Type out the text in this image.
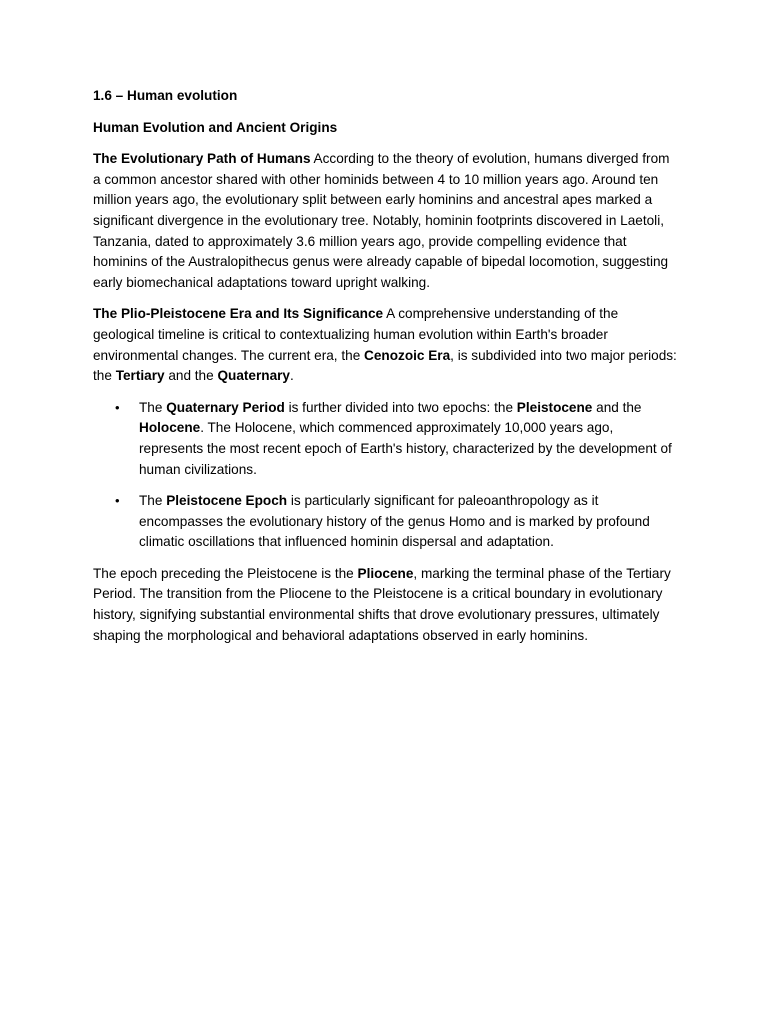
1.6 – Human evolution

Human Evolution and Ancient Origins

The Evolutionary Path of Humans According to the theory of evolution, humans diverged from a common ancestor shared with other hominids between 4 to 10 million years ago. Around ten million years ago, the evolutionary split between early hominins and ancestral apes marked a significant divergence in the evolutionary tree. Notably, hominin footprints discovered in Laetoli, Tanzania, dated to approximately 3.6 million years ago, provide compelling evidence that hominins of the Australopithecus genus were already capable of bipedal locomotion, suggesting early biomechanical adaptations toward upright walking.

The Plio-Pleistocene Era and Its Significance A comprehensive understanding of the geological timeline is critical to contextualizing human evolution within Earth's broader environmental changes. The current era, the Cenozoic Era, is subdivided into two major periods: the Tertiary and the Quaternary.

• The Quaternary Period is further divided into two epochs: the Pleistocene and the Holocene. The Holocene, which commenced approximately 10,000 years ago, represents the most recent epoch of Earth's history, characterized by the development of human civilizations.
• The Pleistocene Epoch is particularly significant for paleoanthropology as it encompasses the evolutionary history of the genus Homo and is marked by profound climatic oscillations that influenced hominin dispersal and adaptation.

The epoch preceding the Pleistocene is the Pliocene, marking the terminal phase of the Tertiary Period. The transition from the Pliocene to the Pleistocene is a critical boundary in evolutionary history, signifying substantial environmental shifts that drove evolutionary pressures, ultimately shaping the morphological and behavioral adaptations observed in early hominins.
